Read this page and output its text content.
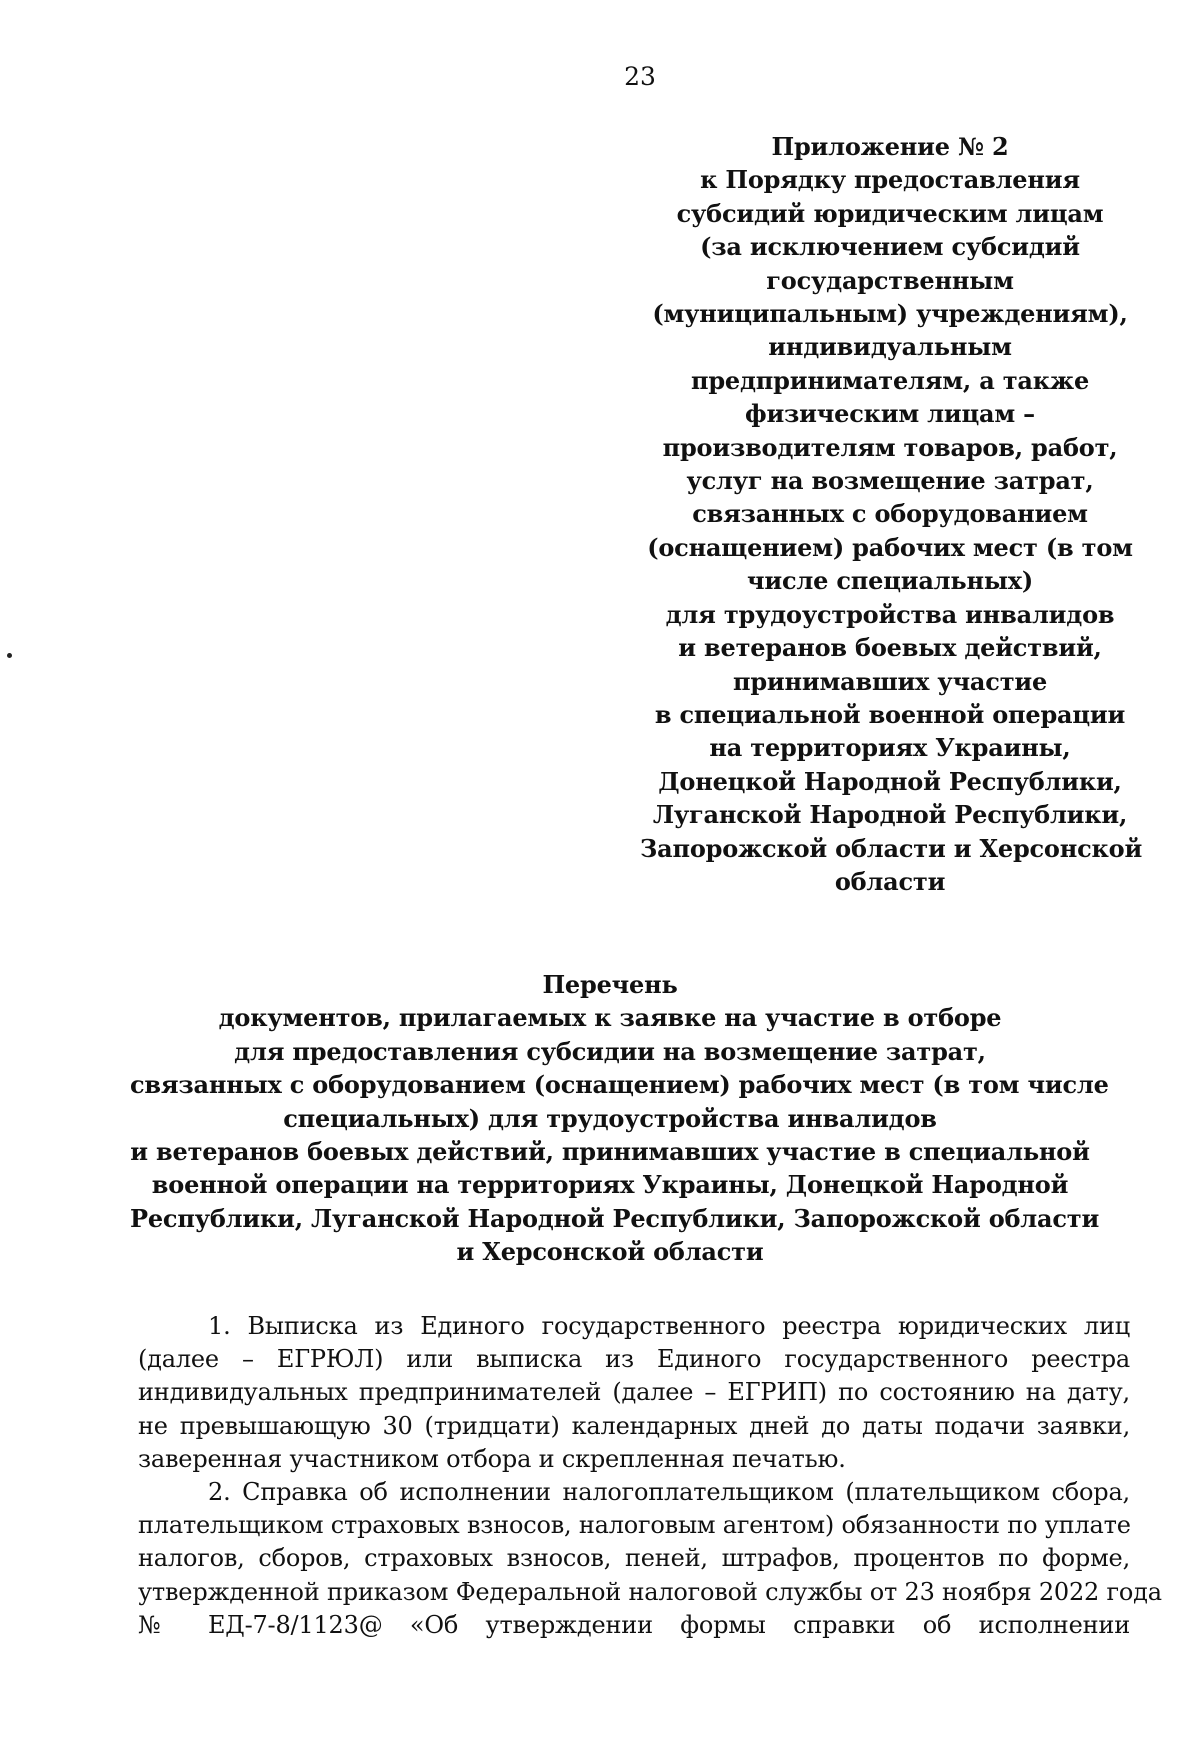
23
Приложение № 2
к Порядку предоставления
субсидий юридическим лицам
(за исключением субсидий
государственным
(муниципальным) учреждениям),
индивидуальным
предпринимателям, а также
физическим лицам –
производителям товаров, работ,
услуг на возмещение затрат,
связанных с оборудованием
(оснащением) рабочих мест (в том
числе специальных)
для трудоустройства инвалидов
и ветеранов боевых действий,
принимавших участие
в специальной военной операции
на территориях Украины,
Донецкой Народной Республики,
Луганской Народной Республики,
Запорожской области и Херсонской
области
Перечень
документов, прилагаемых к заявке на участие в отборе
для предоставления субсидии на возмещение затрат,
связанных с оборудованием (оснащением) рабочих мест (в том числе
специальных) для трудоустройства инвалидов
и ветеранов боевых действий, принимавших участие в специальной
военной операции на территориях Украины, Донецкой Народной
Республики, Луганской Народной Республики, Запорожской области
и Херсонской области
1. Выписка из Единого государственного реестра юридических лиц
(далее – ЕГРЮЛ) или выписка из Единого государственного реестра
индивидуальных предпринимателей (далее – ЕГРИП) по состоянию на дату,
не превышающую 30 (тридцати) календарных дней до даты подачи заявки,
заверенная участником отбора и скрепленная печатью.
2. Справка об исполнении налогоплательщиком (плательщиком сбора,
плательщиком страховых взносов, налоговым агентом) обязанности по уплате
налогов, сборов, страховых взносов, пеней, штрафов, процентов по форме,
утвержденной приказом Федеральной налоговой службы от 23 ноября 2022 года
№ ЕД-7-8/1123@ «Об утверждении формы справки об исполнении
